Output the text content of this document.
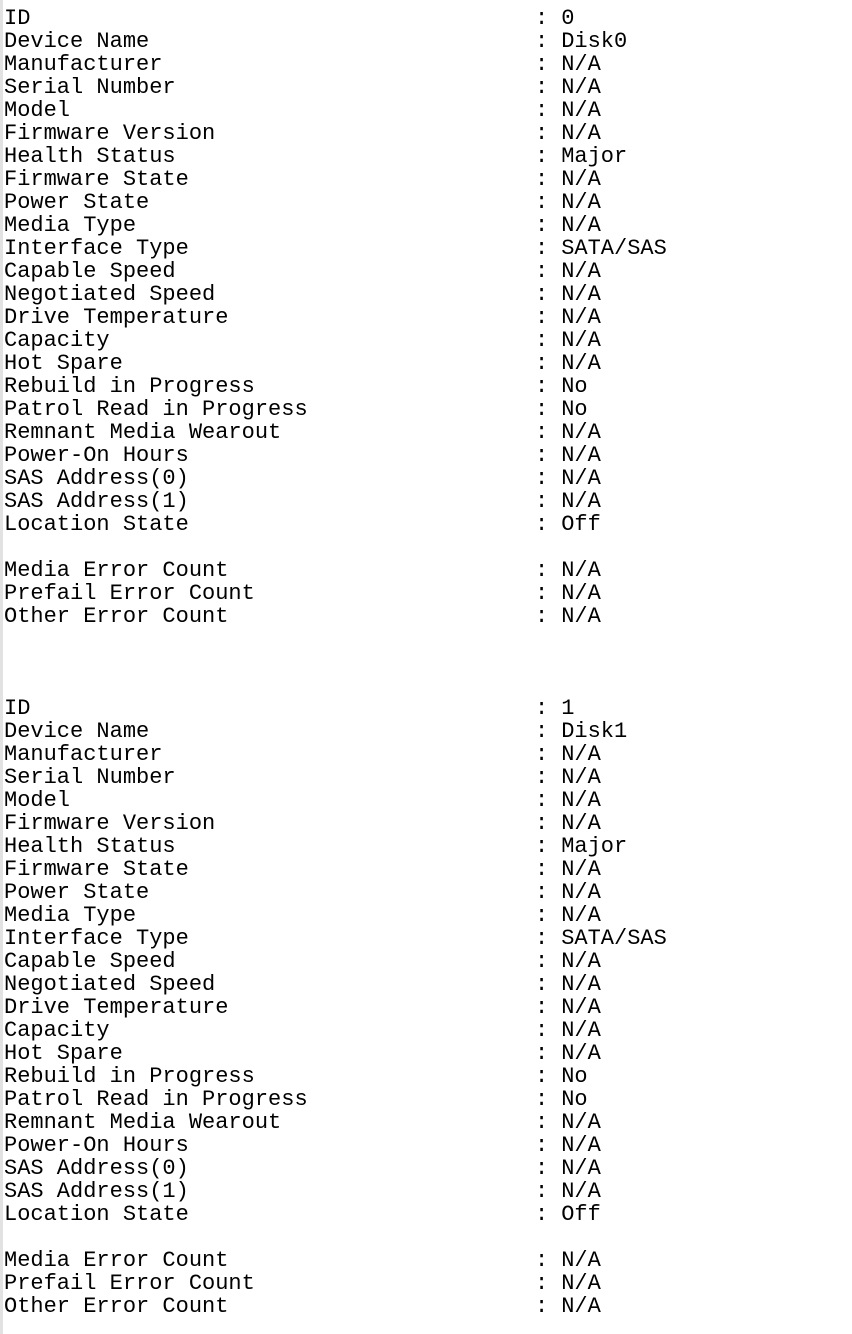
ID	: 0
Device Name	: Disk0
Manufacturer	: N/A
Serial Number	: N/A
Model	: N/A
Firmware Version	: N/A
Health Status	: Major
Firmware State	: N/A
Power State	: N/A
Media Type	: N/A
Interface Type	: SATA/SAS
Capable Speed	: N/A
Negotiated Speed	: N/A
Drive Temperature	: N/A
Capacity	: N/A
Hot Spare	: N/A
Rebuild in Progress	: No
Patrol Read in Progress	: No
Remnant Media Wearout	: N/A
Power-On Hours	: N/A
SAS Address(0)	: N/A
SAS Address(1)	: N/A
Location State	: Off
Media Error Count	: N/A
Prefail Error Count	: N/A
Other Error Count	: N/A
ID	: 1
Device Name	: Disk1
Manufacturer	: N/A
Serial Number	: N/A
Model	: N/A
Firmware Version	: N/A
Health Status	: Major
Firmware State	: N/A
Power State	: N/A
Media Type	: N/A
Interface Type	: SATA/SAS
Capable Speed	: N/A
Negotiated Speed	: N/A
Drive Temperature	: N/A
Capacity	: N/A
Hot Spare	: N/A
Rebuild in Progress	: No
Patrol Read in Progress	: No
Remnant Media Wearout	: N/A
Power-On Hours	: N/A
SAS Address(0)	: N/A
SAS Address(1)	: N/A
Location State	: Off
Media Error Count	: N/A
Prefail Error Count	: N/A
Other Error Count	: N/A
